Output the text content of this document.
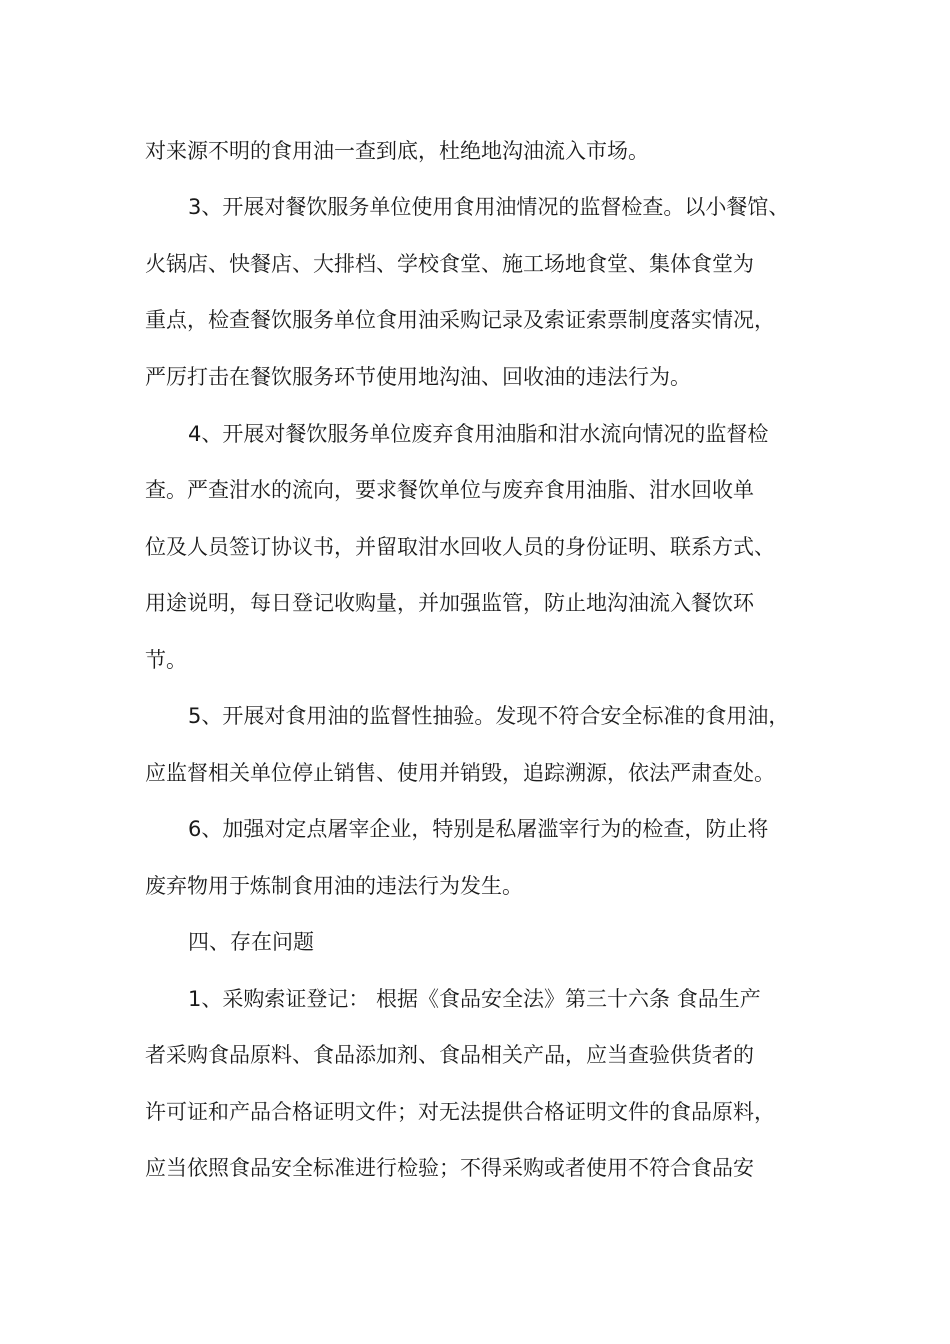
对来源不明的食用油一查到底，杜绝地沟油流入市场。

3、开展对餐饮服务单位使用食用油情况的监督检查。以小餐馆、

火锅店、快餐店、大排档、学校食堂、施工场地食堂、集体食堂为

重点，检查餐饮服务单位食用油采购记录及索证索票制度落实情况，

严厉打击在餐饮服务环节使用地沟油、回收油的违法行为。

4、开展对餐饮服务单位废弃食用油脂和泔水流向情况的监督检

查。严查泔水的流向，要求餐饮单位与废弃食用油脂、泔水回收单

位及人员签订协议书，并留取泔水回收人员的身份证明、联系方式、

用途说明，每日登记收购量，并加强监管，防止地沟油流入餐饮环

节。

5、开展对食用油的监督性抽验。发现不符合安全标准的食用油，

应监督相关单位停止销售、使用并销毁，追踪溯源，依法严肃查处。

6、加强对定点屠宰企业，特别是私屠滥宰行为的检查，防止将

废弃物用于炼制食用油的违法行为发生。

四、存在问题

1、采购索证登记： 根据《食品安全法》第三十六条 食品生产

者采购食品原料、食品添加剂、食品相关产品，应当查验供货者的

许可证和产品合格证明文件；对无法提供合格证明文件的食品原料，

应当依照食品安全标准进行检验；不得采购或者使用不符合食品安
